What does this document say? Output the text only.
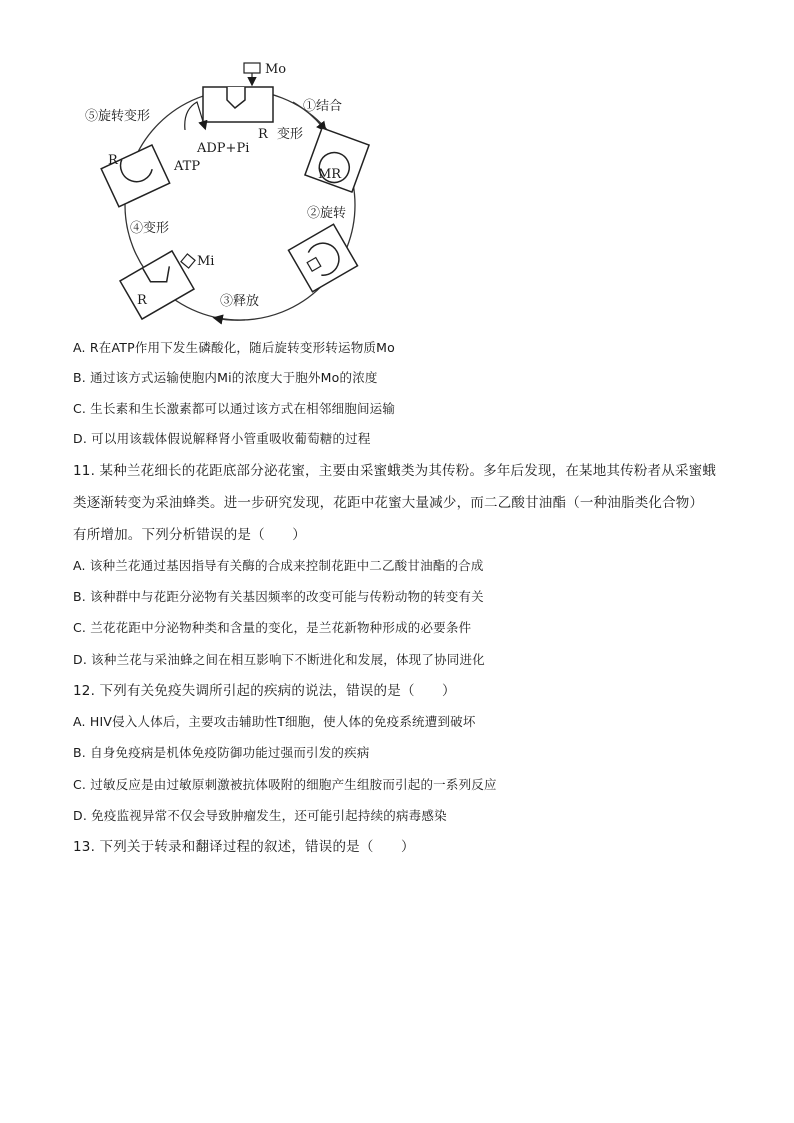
Mo
①结合
R 变形
ADP+Pi
R	ATP
⑤旋转变形
④变形
MR
②旋转
③释放
Mi
R
A. R在ATP作用下发生磷酸化，随后旋转变形转运物质Mo
B. 通过该方式运输使胞内Mi的浓度大于胞外Mo的浓度
C. 生长素和生长激素都可以通过该方式在相邻细胞间运输
D. 可以用该载体假说解释肾小管重吸收葡萄糖的过程
11. 某种兰花细长的花距底部分泌花蜜，主要由采蜜蛾类为其传粉。多年后发现，在某地其传粉者从采蜜蛾
类逐渐转变为采油蜂类。进一步研究发现，花距中花蜜大量减少，而二乙酸甘油酯（一种油脂类化合物）
有所增加。下列分析错误的是（　　）
A. 该种兰花通过基因指导有关酶的合成来控制花距中二乙酸甘油酯的合成
B. 该种群中与花距分泌物有关基因频率的改变可能与传粉动物的转变有关
C. 兰花花距中分泌物种类和含量的变化，是兰花新物种形成的必要条件
D. 该种兰花与采油蜂之间在相互影响下不断进化和发展，体现了协同进化
12. 下列有关免疫失调所引起的疾病的说法，错误的是（　　）
A. HIV侵入人体后，主要攻击辅助性T细胞，使人体的免疫系统遭到破坏
B. 自身免疫病是机体免疫防御功能过强而引发的疾病
C. 过敏反应是由过敏原刺激被抗体吸附的细胞产生组胺而引起的一系列反应
D. 免疫监视异常不仅会导致肿瘤发生，还可能引起持续的病毒感染
13. 下列关于转录和翻译过程的叙述，错误的是（　　）
